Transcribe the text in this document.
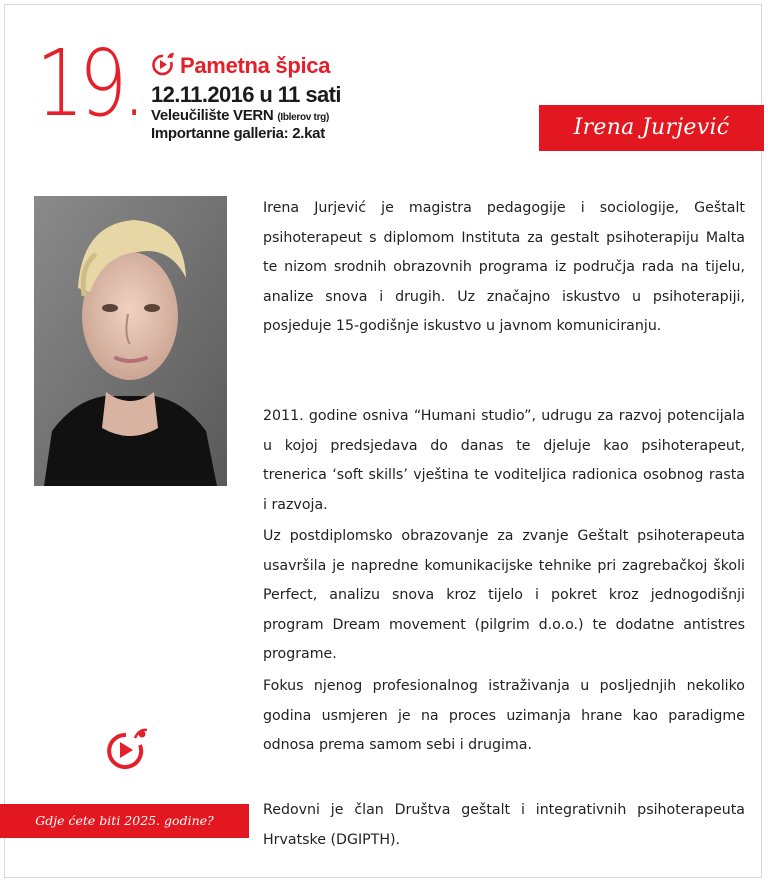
19. Pametna špica
12.11.2016 u 11 sati
Veleučilište VERN (Iblerov trg)
Importanne galleria: 2.kat	Irena Jurjević

Irena Jurjević je magistra pedagogije i sociologije, Geštalt psihoterapeut s diplomom Instituta za gestalt psihoterapiju Malta te nizom srodnih obrazovnih programa iz područja rada na tijelu, analize snova i drugih. Uz značajno iskustvo u psihoterapiji, posjeduje 15-godišnje iskustvo u javnom komuniciranju.

2011. godine osniva “Humani studio”, udrugu za razvoj potencijala u kojoj predsjedava do danas te djeluje kao psihoterapeut, trenerica ‘soft skills’ vještina te voditeljica radionica osobnog rasta i razvoja.

Uz postdiplomsko obrazovanje za zvanje Geštalt psihoterapeuta usavršila je napredne komunikacijske tehnike pri zagrebačkoj školi Perfect, analizu snova kroz tijelo i pokret kroz jednogodišnji program Dream movement (pilgrim d.o.o.) te dodatne antistres programe.

Fokus njenog profesionalnog istraživanja u posljednjih nekoliko godina usmjeren je na proces uzimanja hrane kao paradigme odnosa prema samom sebi i drugima.

Redovni je član Društva geštalt i integrativnih psihoterapeuta Hrvatske (DGIPTH).

Gdje ćete biti 2025. godine?
